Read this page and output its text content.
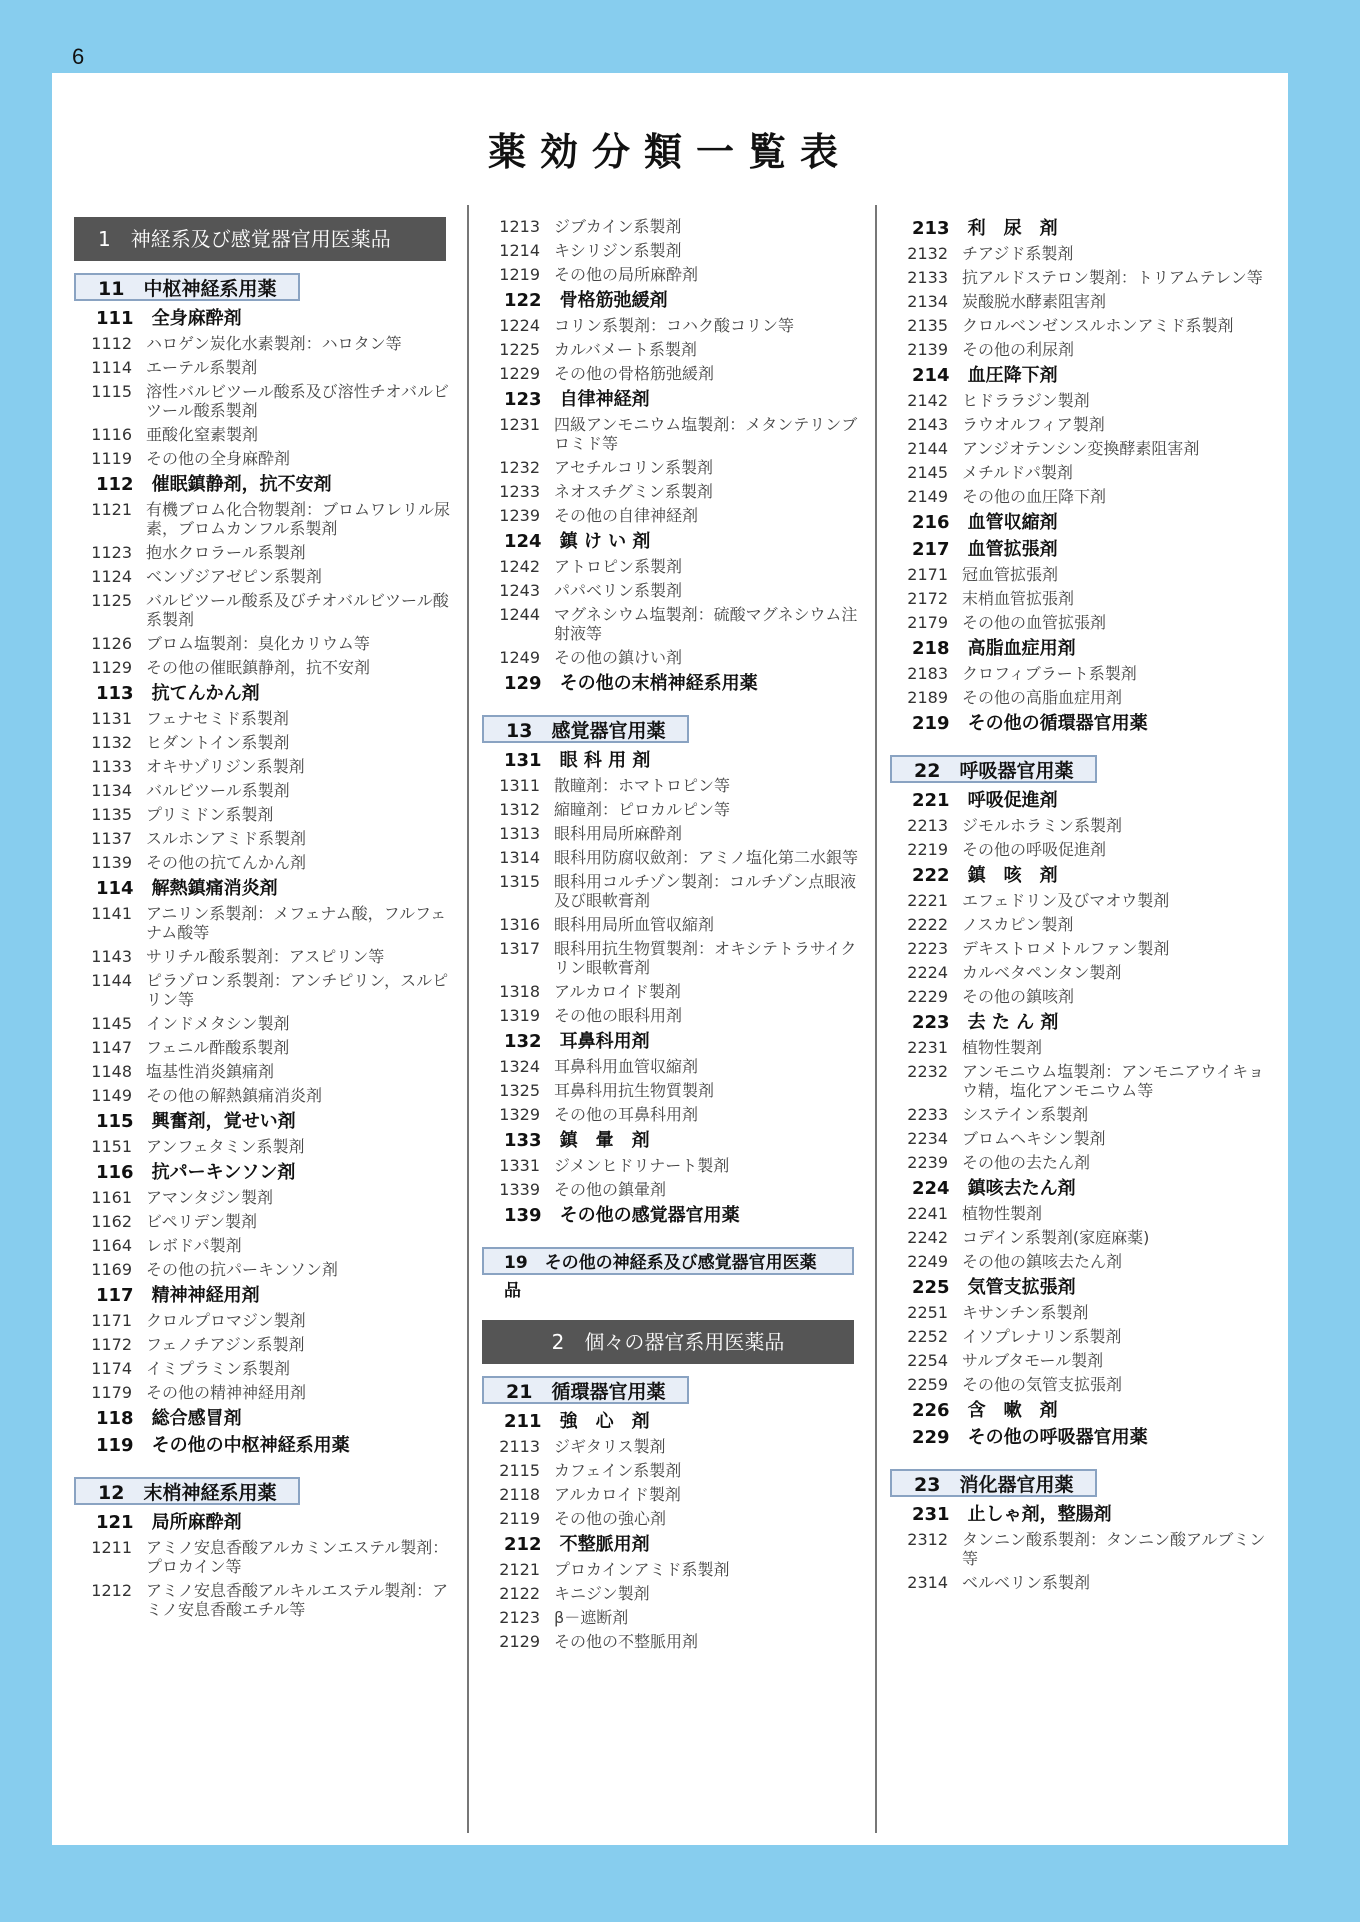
6
薬効分類一覧表
1　神経系及び感覚器官用医薬品
11　中枢神経系用薬
111　全身麻酔剤
1112 ハロゲン炭化水素製剤：ハロタン等
1114 エーテル系製剤
1115 溶性バルビツール酸系及び溶性チオバルビツール酸系製剤
1116 亜酸化窒素製剤
1119 その他の全身麻酔剤
112　催眠鎮静剤，抗不安剤
1121 有機ブロム化合物製剤：ブロムワレリル尿素，ブロムカンフル系製剤
1123 抱水クロラール系製剤
1124 ベンゾジアゼピン系製剤
1125 バルビツール酸系及びチオバルビツール酸系製剤
1126 ブロム塩製剤：臭化カリウム等
1129 その他の催眠鎮静剤，抗不安剤
113　抗てんかん剤
1131 フェナセミド系製剤
1132 ヒダントイン系製剤
1133 オキサゾリジン系製剤
1134 バルビツール系製剤
1135 プリミドン系製剤
1137 スルホンアミド系製剤
1139 その他の抗てんかん剤
114　解熱鎮痛消炎剤
1141 アニリン系製剤：メフェナム酸，フルフェナム酸等
1143 サリチル酸系製剤：アスピリン等
1144 ピラゾロン系製剤：アンチピリン，スルピリン等
1145 インドメタシン製剤
1147 フェニル酢酸系製剤
1148 塩基性消炎鎮痛剤
1149 その他の解熱鎮痛消炎剤
115　興奮剤，覚せい剤
1151 アンフェタミン系製剤
116　抗パーキンソン剤
1161 アマンタジン製剤
1162 ビペリデン製剤
1164 レボドパ製剤
1169 その他の抗パーキンソン剤
117　精神神経用剤
1171 クロルプロマジン製剤
1172 フェノチアジン系製剤
1174 イミプラミン系製剤
1179 その他の精神神経用剤
118　総合感冒剤
119　その他の中枢神経系用薬
12　末梢神経系用薬
121　局所麻酔剤
1211 アミノ安息香酸アルカミンエステル製剤：プロカイン等
1212 アミノ安息香酸アルキルエステル製剤：アミノ安息香酸エチル等
1213 ジブカイン系製剤
1214 キシリジン系製剤
1219 その他の局所麻酔剤
122　骨格筋弛緩剤
1224 コリン系製剤：コハク酸コリン等
1225 カルバメート系製剤
1229 その他の骨格筋弛緩剤
123　自律神経剤
1231 四級アンモニウム塩製剤：メタンテリンブロミド等
1232 アセチルコリン系製剤
1233 ネオスチグミン系製剤
1239 その他の自律神経剤
124　鎮 け い 剤
1242 アトロピン系製剤
1243 パパベリン系製剤
1244 マグネシウム塩製剤：硫酸マグネシウム注射液等
1249 その他の鎮けい剤
129　その他の末梢神経系用薬
13　感覚器官用薬
131　眼 科 用 剤
1311 散瞳剤：ホマトロピン等
1312 縮瞳剤：ピロカルピン等
1313 眼科用局所麻酔剤
1314 眼科用防腐収斂剤：アミノ塩化第二水銀等
1315 眼科用コルチゾン製剤：コルチゾン点眼液及び眼軟膏剤
1316 眼科用局所血管収縮剤
1317 眼科用抗生物質製剤：オキシテトラサイクリン眼軟膏剤
1318 アルカロイド製剤
1319 その他の眼科用剤
132　耳鼻科用剤
1324 耳鼻科用血管収縮剤
1325 耳鼻科用抗生物質製剤
1329 その他の耳鼻科用剤
133　鎮　暈　剤
1331 ジメンヒドリナート製剤
1339 その他の鎮暈剤
139　その他の感覚器官用薬
19　その他の神経系及び感覚器官用医薬品
2　個々の器官系用医薬品
21　循環器官用薬
211　強　心　剤
2113 ジギタリス製剤
2115 カフェイン系製剤
2118 アルカロイド製剤
2119 その他の強心剤
212　不整脈用剤
2121 プロカインアミド系製剤
2122 キニジン製剤
2123 β－遮断剤
2129 その他の不整脈用剤
213　利　尿　剤
2132 チアジド系製剤
2133 抗アルドステロン製剤：トリアムテレン等
2134 炭酸脱水酵素阻害剤
2135 クロルベンゼンスルホンアミド系製剤
2139 その他の利尿剤
214　血圧降下剤
2142 ヒドララジン製剤
2143 ラウオルフィア製剤
2144 アンジオテンシン変換酵素阻害剤
2145 メチルドパ製剤
2149 その他の血圧降下剤
216　血管収縮剤
217　血管拡張剤
2171 冠血管拡張剤
2172 末梢血管拡張剤
2179 その他の血管拡張剤
218　高脂血症用剤
2183 クロフィブラート系製剤
2189 その他の高脂血症用剤
219　その他の循環器官用薬
22　呼吸器官用薬
221　呼吸促進剤
2213 ジモルホラミン系製剤
2219 その他の呼吸促進剤
222　鎮　咳　剤
2221 エフェドリン及びマオウ製剤
2222 ノスカピン製剤
2223 デキストロメトルファン製剤
2224 カルベタペンタン製剤
2229 その他の鎮咳剤
223　去 た ん 剤
2231 植物性製剤
2232 アンモニウム塩製剤：アンモニアウイキョウ精，塩化アンモニウム等
2233 システイン系製剤
2234 ブロムヘキシン製剤
2239 その他の去たん剤
224　鎮咳去たん剤
2241 植物性製剤
2242 コデイン系製剤(家庭麻薬)
2249 その他の鎮咳去たん剤
225　気管支拡張剤
2251 キサンチン系製剤
2252 イソプレナリン系製剤
2254 サルブタモール製剤
2259 その他の気管支拡張剤
226　含　嗽　剤
229　その他の呼吸器官用薬
23　消化器官用薬
231　止しゃ剤，整腸剤
2312 タンニン酸系製剤：タンニン酸アルブミン等
2314 ベルベリン系製剤
